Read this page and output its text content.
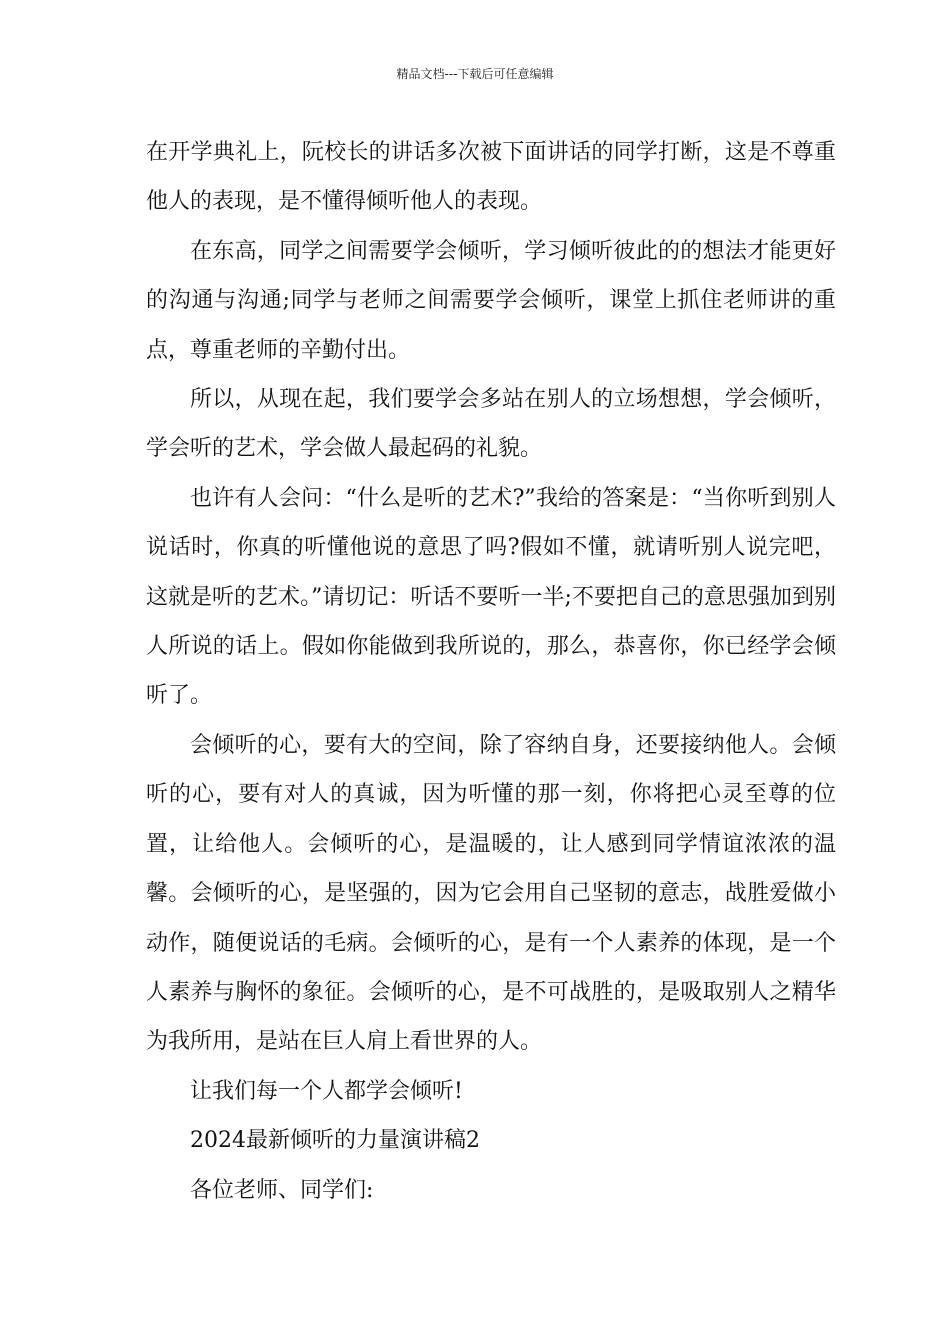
精品文档---下载后可任意编辑

在开学典礼上，阮校长的讲话多次被下面讲话的同学打断，这是不尊重他人的表现，是不懂得倾听他人的表现。

在东高，同学之间需要学会倾听，学习倾听彼此的的想法才能更好的沟通与沟通;同学与老师之间需要学会倾听，课堂上抓住老师讲的重点，尊重老师的辛勤付出。

所以，从现在起，我们要学会多站在别人的立场想想，学会倾听，学会听的艺术，学会做人最起码的礼貌。

也许有人会问：“什么是听的艺术?”我给的答案是：“当你听到别人说话时，你真的听懂他说的意思了吗?假如不懂，就请听别人说完吧，这就是听的艺术。”请切记：听话不要听一半;不要把自己的意思强加到别人所说的话上。假如你能做到我所说的，那么，恭喜你，你已经学会倾听了。

会倾听的心，要有大的空间，除了容纳自身，还要接纳他人。会倾听的心，要有对人的真诚，因为听懂的那一刻，你将把心灵至尊的位置，让给他人。会倾听的心，是温暖的，让人感到同学情谊浓浓的温馨。会倾听的心，是坚强的，因为它会用自己坚韧的意志，战胜爱做小动作，随便说话的毛病。会倾听的心，是有一个人素养的体现，是一个人素养与胸怀的象征。会倾听的心，是不可战胜的，是吸取别人之精华为我所用，是站在巨人肩上看世界的人。

让我们每一个人都学会倾听!

2024最新倾听的力量演讲稿2

各位老师、同学们:
